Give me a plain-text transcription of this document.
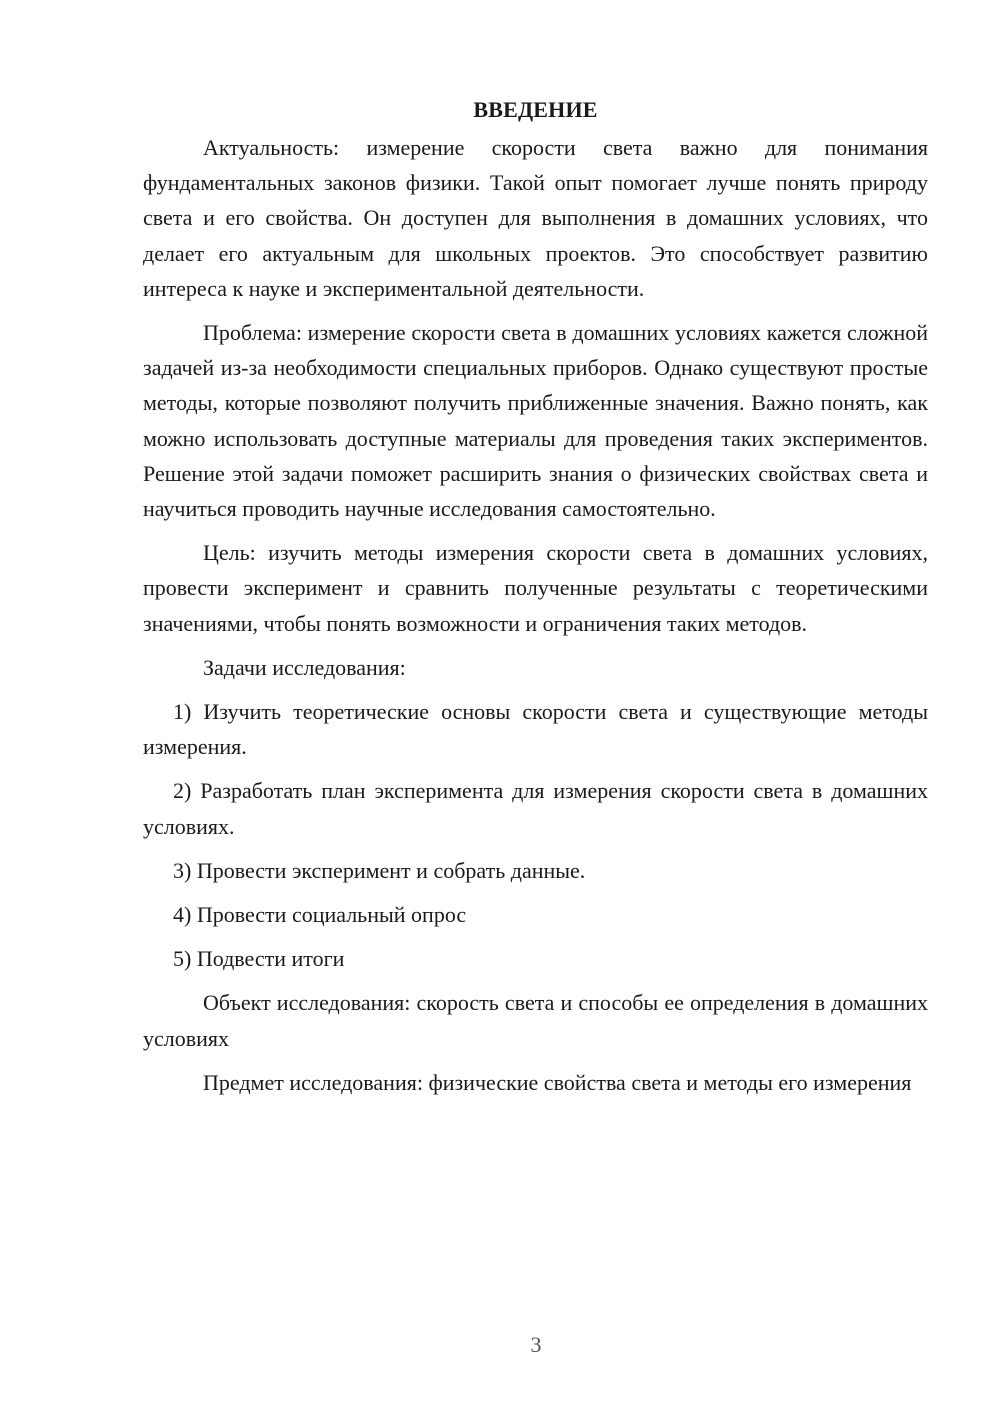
ВВЕДЕНИЕ

Актуальность: измерение скорости света важно для понимания фундаментальных законов физики. Такой опыт помогает лучше понять природу света и его свойства. Он доступен для выполнения в домашних условиях, что делает его актуальным для школьных проектов. Это способствует развитию интереса к науке и экспериментальной деятельности.

Проблема: измерение скорости света в домашних условиях кажется сложной задачей из-за необходимости специальных приборов. Однако существуют простые методы, которые позволяют получить приближенные значения. Важно понять, как можно использовать доступные материалы для проведения таких экспериментов. Решение этой задачи поможет расширить знания о физических свойствах света и научиться проводить научные исследования самостоятельно.

Цель: изучить методы измерения скорости света в домашних условиях, провести эксперимент и сравнить полученные результаты с теоретическими значениями, чтобы понять возможности и ограничения таких методов.

Задачи исследования:

1) Изучить теоретические основы скорости света и существующие методы измерения.

2) Разработать план эксперимента для измерения скорости света в домашних условиях.

3) Провести эксперимент и собрать данные.

4) Провести социальный опрос

5) Подвести итоги

Объект исследования: скорость света и способы ее определения в домашних условиях

Предмет исследования: физические свойства света и методы его измерения

3
